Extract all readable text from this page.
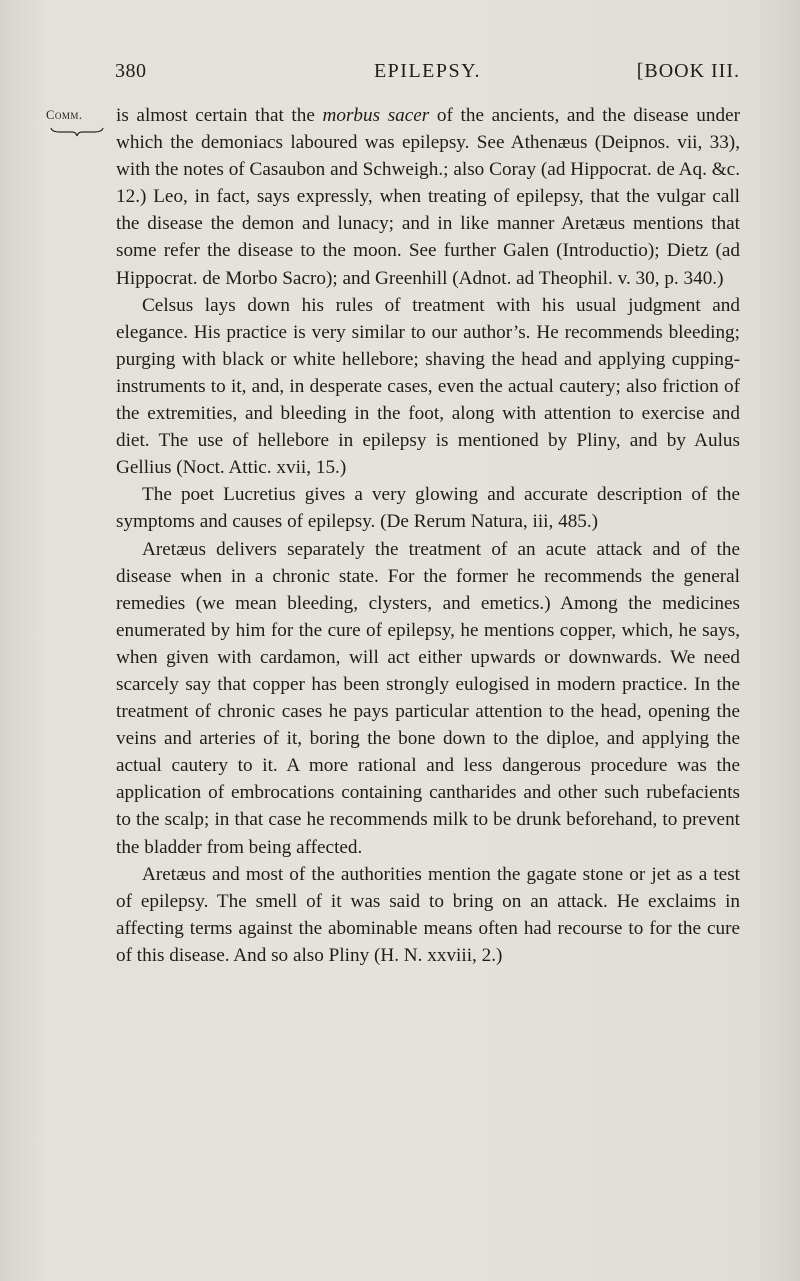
380	EPILEPSY.	[BOOK III.
Comm. is almost certain that the morbus sacer of the ancients, and the disease under which the demoniacs laboured was epilepsy. See Athenæus (Deipnos. vii, 33), with the notes of Casaubon and Schweigh.; also Coray (ad Hippocrat. de Aq. &c. 12.) Leo, in fact, says expressly, when treating of epilepsy, that the vulgar call the disease the demon and lunacy; and in like manner Aretæus mentions that some refer the disease to the moon. See further Galen (Introductio); Dietz (ad Hippocrat. de Morbo Sacro); and Greenhill (Adnot. ad Theophil. v. 30, p. 340.)

Celsus lays down his rules of treatment with his usual judgment and elegance. His practice is very similar to our author’s. He recommends bleeding; purging with black or white hellebore; shaving the head and applying cupping-instruments to it, and, in desperate cases, even the actual cautery; also friction of the extremities, and bleeding in the foot, along with attention to exercise and diet. The use of hellebore in epilepsy is mentioned by Pliny, and by Aulus Gellius (Noct. Attic. xvii, 15.)

The poet Lucretius gives a very glowing and accurate description of the symptoms and causes of epilepsy. (De Rerum Natura, iii, 485.)

Aretæus delivers separately the treatment of an acute attack and of the disease when in a chronic state. For the former he recommends the general remedies (we mean bleeding, clysters, and emetics.) Among the medicines enumerated by him for the cure of epilepsy, he mentions copper, which, he says, when given with cardamon, will act either upwards or downwards. We need scarcely say that copper has been strongly eulogised in modern practice. In the treatment of chronic cases he pays particular attention to the head, opening the veins and arteries of it, boring the bone down to the diploe, and applying the actual cautery to it. A more rational and less dangerous procedure was the application of embrocations containing cantharides and other such rubefacients to the scalp; in that case he recommends milk to be drunk beforehand, to prevent the bladder from being affected.

Aretæus and most of the authorities mention the gagate stone or jet as a test of epilepsy. The smell of it was said to bring on an attack. He exclaims in affecting terms against the abominable means often had recourse to for the cure of this disease. And so also Pliny (H. N. xxviii, 2.)
